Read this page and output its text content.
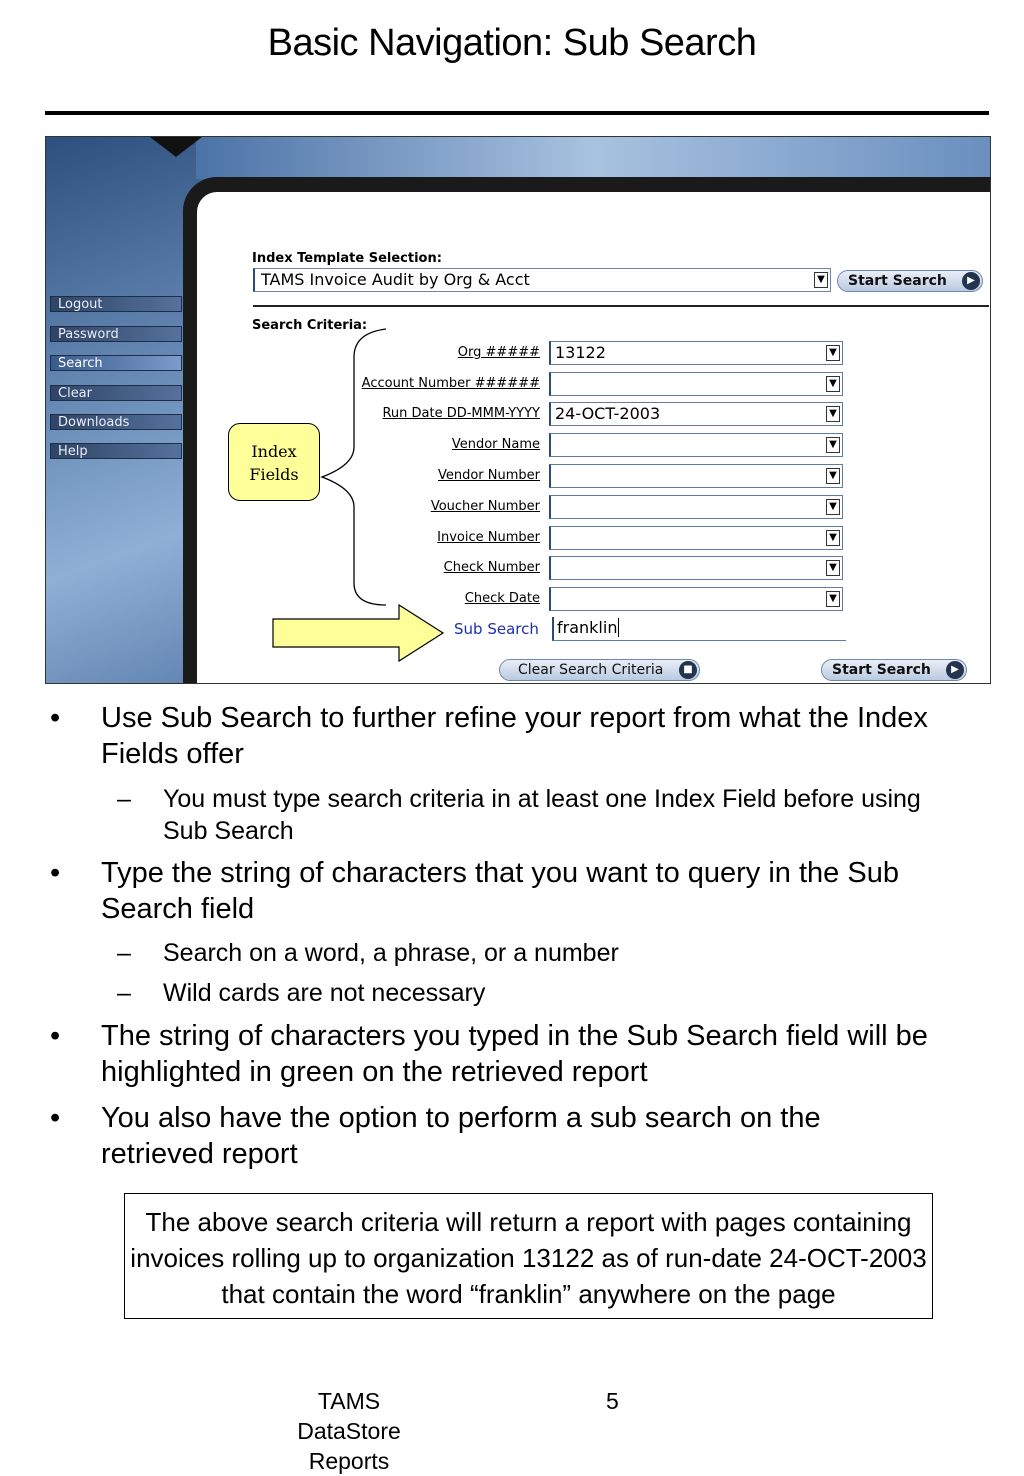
Basic Navigation: Sub Search
Logout
Password
Search
Clear
Downloads
Help
Index Template Selection:
TAMS Invoice Audit by Org & Acct	▼	Start Search	▶
Search Criteria:
Index
Fields
Org ##### 13122	▼
Account Number ######	▼
Run Date DD-MMM-YYYY 24-OCT-2003	▼
Vendor Name	▼
Vendor Number	▼
Voucher Number	▼
Invoice Number	▼
Check Number	▼
Check Date	▼
Sub Search	franklin
Clear Search Criteria	■	Start Search	▶
• Use Sub Search to further refine your report from what the Index Fields offer
– You must type search criteria in at least one Index Field before using Sub Search
• Type the string of characters that you want to query in the Sub Search field
– Search on a word, a phrase, or a number
– Wild cards are not necessary
• The string of characters you typed in the Sub Search field will be highlighted in green on the retrieved report
• You also have the option to perform a sub search on the retrieved report
The above search criteria will return a report with pages containing invoices rolling up to organization 13122 as of run-date 24-OCT-2003 that contain the word “franklin” anywhere on the page
TAMS DataStore Reports
5
